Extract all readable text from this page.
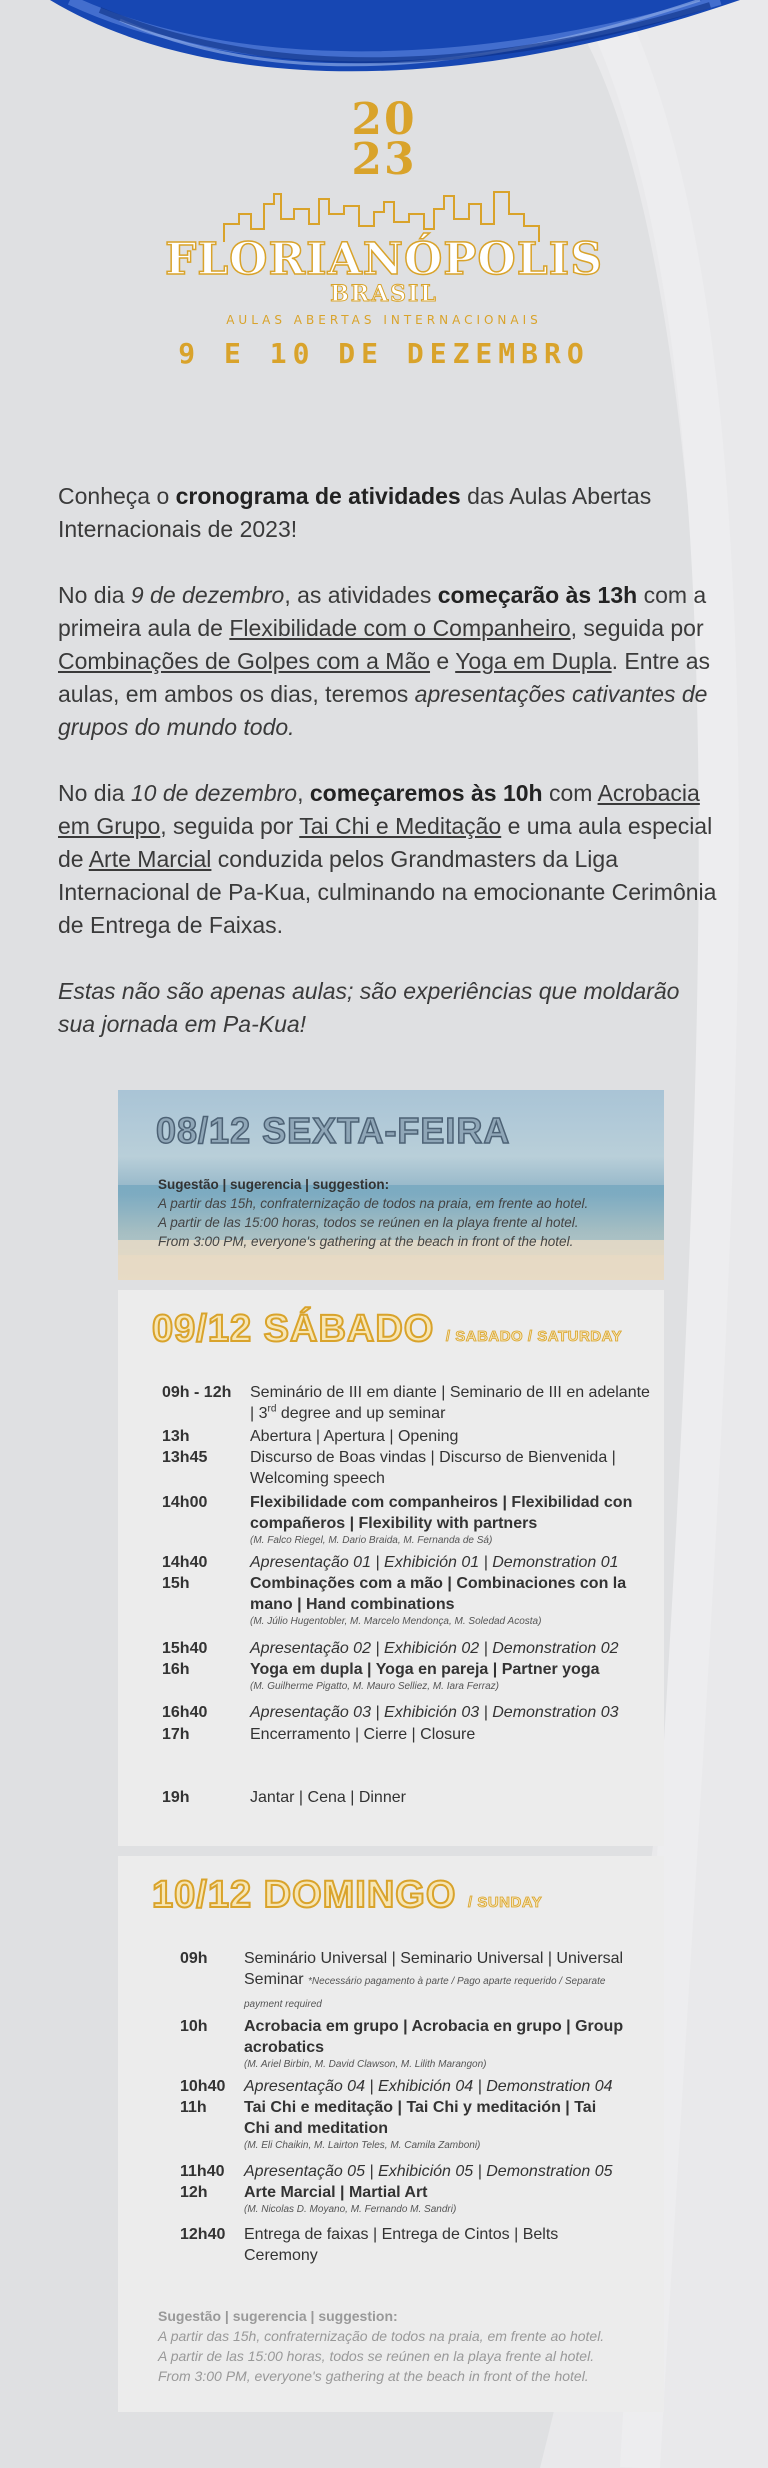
20
23
FLORIANÓPOLIS
BRASIL
AULAS ABERTAS INTERNACIONAIS
9 E 10 DE DEZEMBRO

Conheça o cronograma de atividades das Aulas Abertas Internacionais de 2023!

No dia 9 de dezembro, as atividades começarão às 13h com a primeira aula de Flexibilidade com o Companheiro, seguida por Combinações de Golpes com a Mão e Yoga em Dupla. Entre as aulas, em ambos os dias, teremos apresentações cativantes de grupos do mundo todo.

No dia 10 de dezembro, começaremos às 10h com Acrobacia em Grupo, seguida por Tai Chi e Meditação e uma aula especial de Arte Marcial conduzida pelos Grandmasters da Liga Internacional de Pa-Kua, culminando na emocionante Cerimônia de Entrega de Faixas.

Estas não são apenas aulas; são experiências que moldarão sua jornada em Pa-Kua!

08/12 SEXTA-FEIRA
Sugestão | sugerencia | suggestion:
A partir das 15h, confraternização de todos na praia, em frente ao hotel.
A partir de las 15:00 horas, todos se reúnen en la playa frente al hotel.
From 3:00 PM, everyone's gathering at the beach in front of the hotel.
09/12 SÁBADO / SABADO / SATURDAY
09h - 12h	Seminário de III em diante | Seminario de III en adelante | 3rd degree and up seminar
13h	Abertura | Apertura | Opening
13h45	Discurso de Boas vindas | Discurso de Bienvenida | Welcoming speech
14h00	Flexibilidade com companheiros | Flexibilidad con compañeros | Flexibility with partners
(M. Falco Riegel, M. Dario Braida, M. Fernanda de Sá)
14h40	Apresentação 01 | Exhibición 01 | Demonstration 01
15h	Combinações com a mão | Combinaciones con la mano | Hand combinations
(M. Júlio Hugentobler, M. Marcelo Mendonça, M. Soledad Acosta)
15h40	Apresentação 02 | Exhibición 02 | Demonstration 02
16h	Yoga em dupla | Yoga en pareja | Partner yoga
(M. Guilherme Pigatto, M. Mauro Selliez, M. Iara Ferraz)
16h40	Apresentação 03 | Exhibición 03 | Demonstration 03
17h	Encerramento | Cierre | Closure
19h	Jantar | Cena | Dinner
10/12 DOMINGO / SUNDAY
09h	Seminário Universal | Seminario Universal | Universal Seminar *Necessário pagamento à parte / Pago aparte requerido / Separate payment required
10h	Acrobacia em grupo | Acrobacia en grupo | Group acrobatics
(M. Ariel Birbin, M. David Clawson, M. Lilith Marangon)
10h40	Apresentação 04 | Exhibición 04 | Demonstration 04
11h	Tai Chi e meditação | Tai Chi y meditación | Tai Chi and meditation
(M. Eli Chaikin, M. Lairton Teles, M. Camila Zamboni)
11h40	Apresentação 05 | Exhibición 05 | Demonstration 05
12h	Arte Marcial | Martial Art
(M. Nicolas D. Moyano, M. Fernando M. Sandri)
12h40	Entrega de faixas | Entrega de Cintos | Belts Ceremony
Sugestão | sugerencia | suggestion:
A partir das 15h, confraternização de todos na praia, em frente ao hotel.
A partir de las 15:00 horas, todos se reúnen en la playa frente al hotel.
From 3:00 PM, everyone's gathering at the beach in front of the hotel.
